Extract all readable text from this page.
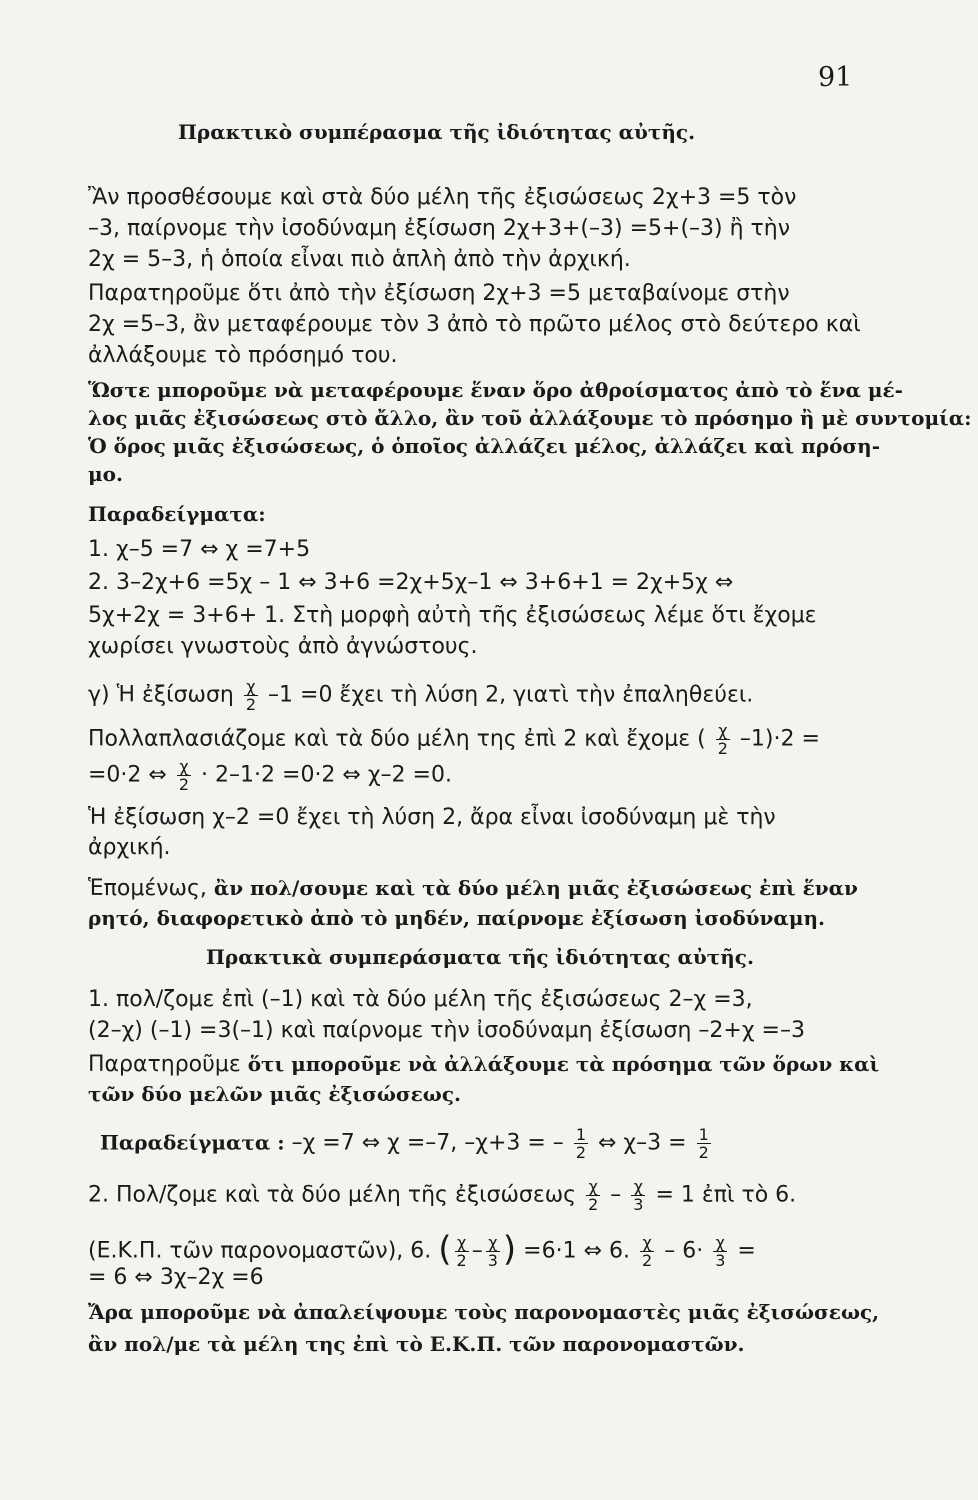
91
Πρακτικὸ συμπέρασμα τῆς ἰδιότητας αὐτῆς.
Ἂν προσθέσουμε καὶ στὰ δύο μέλη τῆς ἐξισώσεως 2χ+3 =5 τὸν
–3, παίρνομε τὴν ἰσοδύναμη ἐξίσωση 2χ+3+(–3) =5+(–3) ἢ τὴν
2χ = 5–3, ἡ ὁποία εἶναι πιὸ ἁπλὴ ἀπὸ τὴν ἀρχική.
Παρατηροῦμε ὅτι ἀπὸ τὴν ἐξίσωση 2χ+3 =5 μεταβαίνομε στὴν
2χ =5–3, ἂν μεταφέρουμε τὸν 3 ἀπὸ τὸ πρῶτο μέλος στὸ δεύτερο καὶ
ἀλλάξουμε τὸ πρόσημό του.
Ὥστε μποροῦμε νὰ μεταφέρουμε ἕναν ὅρο ἀθροίσματος ἀπὸ τὸ ἕνα μέ-
λος μιᾶς ἐξισώσεως στὸ ἄλλο, ἂν τοῦ ἀλλάξουμε τὸ πρόσημο ἢ μὲ συντομία:
Ὁ ὅρος μιᾶς ἐξισώσεως, ὁ ὁποῖος ἀλλάζει μέλος, ἀλλάζει καὶ πρόση-
μο.
Παραδείγματα:
1. χ–5 =7 ⇔ χ =7+5
2. 3–2χ+6 =5χ – 1 ⇔ 3+6 =2χ+5χ–1 ⇔ 3+6+1 = 2χ+5χ ⇔
5χ+2χ = 3+6+ 1. Στὴ μορφὴ αὐτὴ τῆς ἐξισώσεως λέμε ὅτι ἔχομε
χωρίσει γνωστοὺς ἀπὸ ἀγνώστους.
γ) Ἡ ἐξίσωση $\frac{\chi}{2} -1 =0$ ἔχει τὴ λύση 2, γιατὶ τὴν ἐπαληθεύει.
Πολλαπλασιάζομε καὶ τὰ δύο μέλη της ἐπὶ 2 καὶ ἔχομε ( $\frac{\chi}{2} -1)\cdot 2$ =
=0·2 ⇔ $\frac{\chi}{2} \cdot 2-1\cdot 2 =0\cdot 2$ ⇔ χ–2 =0.
Ἡ ἐξίσωση χ–2 =0 ἔχει τὴ λύση 2, ἄρα εἶναι ἰσοδύναμη μὲ τὴν
ἀρχική.
Ἑπομένως, ἂν πολ/σουμε καὶ τὰ δύο μέλη μιᾶς ἐξισώσεως ἐπὶ ἕναν
ρητό, διαφορετικὸ ἀπὸ τὸ μηδέν, παίρνομε ἐξίσωση ἰσοδύναμη.
Πρακτικὰ συμπεράσματα τῆς ἰδιότητας αὐτῆς.
1. πολ/ζομε ἐπὶ (–1) καὶ τὰ δύο μέλη τῆς ἐξισώσεως 2–χ =3,
(2–χ) (–1) =3(–1) καὶ παίρνομε τὴν ἰσοδύναμη ἐξίσωση –2+χ =–3
Παρατηροῦμε ὅτι μποροῦμε νὰ ἀλλάξουμε τὰ πρόσημα τῶν ὅρων καὶ
τῶν δύο μελῶν μιᾶς ἐξισώσεως.
Παραδείγματα : –χ =7 ⇔ χ =–7, –χ+3 = – $\frac{1}{2}$ ⇔ $\chi-3 = \frac{1}{2}$
2. Πολ/ζομε καὶ τὰ δύο μέλη τῆς ἐξισώσεως $\frac{\chi}{2} - \frac{\chi}{3} = 1$ ἐπὶ τὸ 6.
(Ε.Κ.Π. τῶν παρονομαστῶν), 6. ( $\frac{\chi}{2} - \frac{\chi}{3}$ ) =6·1 ⇔ 6. $\frac{\chi}{2} - 6\cdot \frac{\chi}{3}$ =
= 6 ⇔ 3χ–2χ =6
Ἄρα μποροῦμε νὰ ἀπαλείψουμε τοὺς παρονομαστὲς μιᾶς ἐξισώσεως,
ἂν πολ/με τὰ μέλη της ἐπὶ τὸ Ε.Κ.Π. τῶν παρονομαστῶν.
